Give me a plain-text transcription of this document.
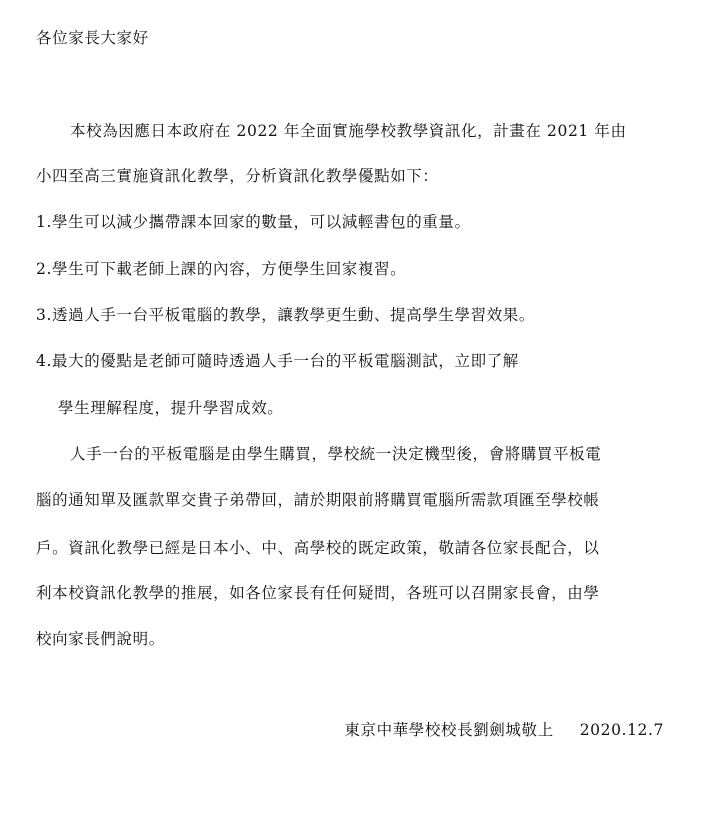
各位家長大家好
本校為因應日本政府在 2022 年全面實施學校教學資訊化，計畫在 2021 年由
小四至高三實施資訊化教學，分析資訊化教學優點如下：
1.學生可以減少攜帶課本回家的數量，可以減輕書包的重量。
2.學生可下載老師上課的內容，方便學生回家複習。
3.透過人手一台平板電腦的教學，讓教學更生動、提高學生學習效果。
4.最大的優點是老師可隨時透過人手一台的平板電腦測試，立即了解
學生理解程度，提升學習成效。
人手一台的平板電腦是由學生購買，學校統一決定機型後，會將購買平板電
腦的通知單及匯款單交貴子弟帶回，請於期限前將購買電腦所需款項匯至學校帳
戶。資訊化教學已經是日本小、中、高學校的既定政策，敬請各位家長配合，以
利本校資訊化教學的推展，如各位家長有任何疑問，各班可以召開家長會，由學
校向家長們說明。
東京中華學校校長劉劍城敬上 2020.12.7
